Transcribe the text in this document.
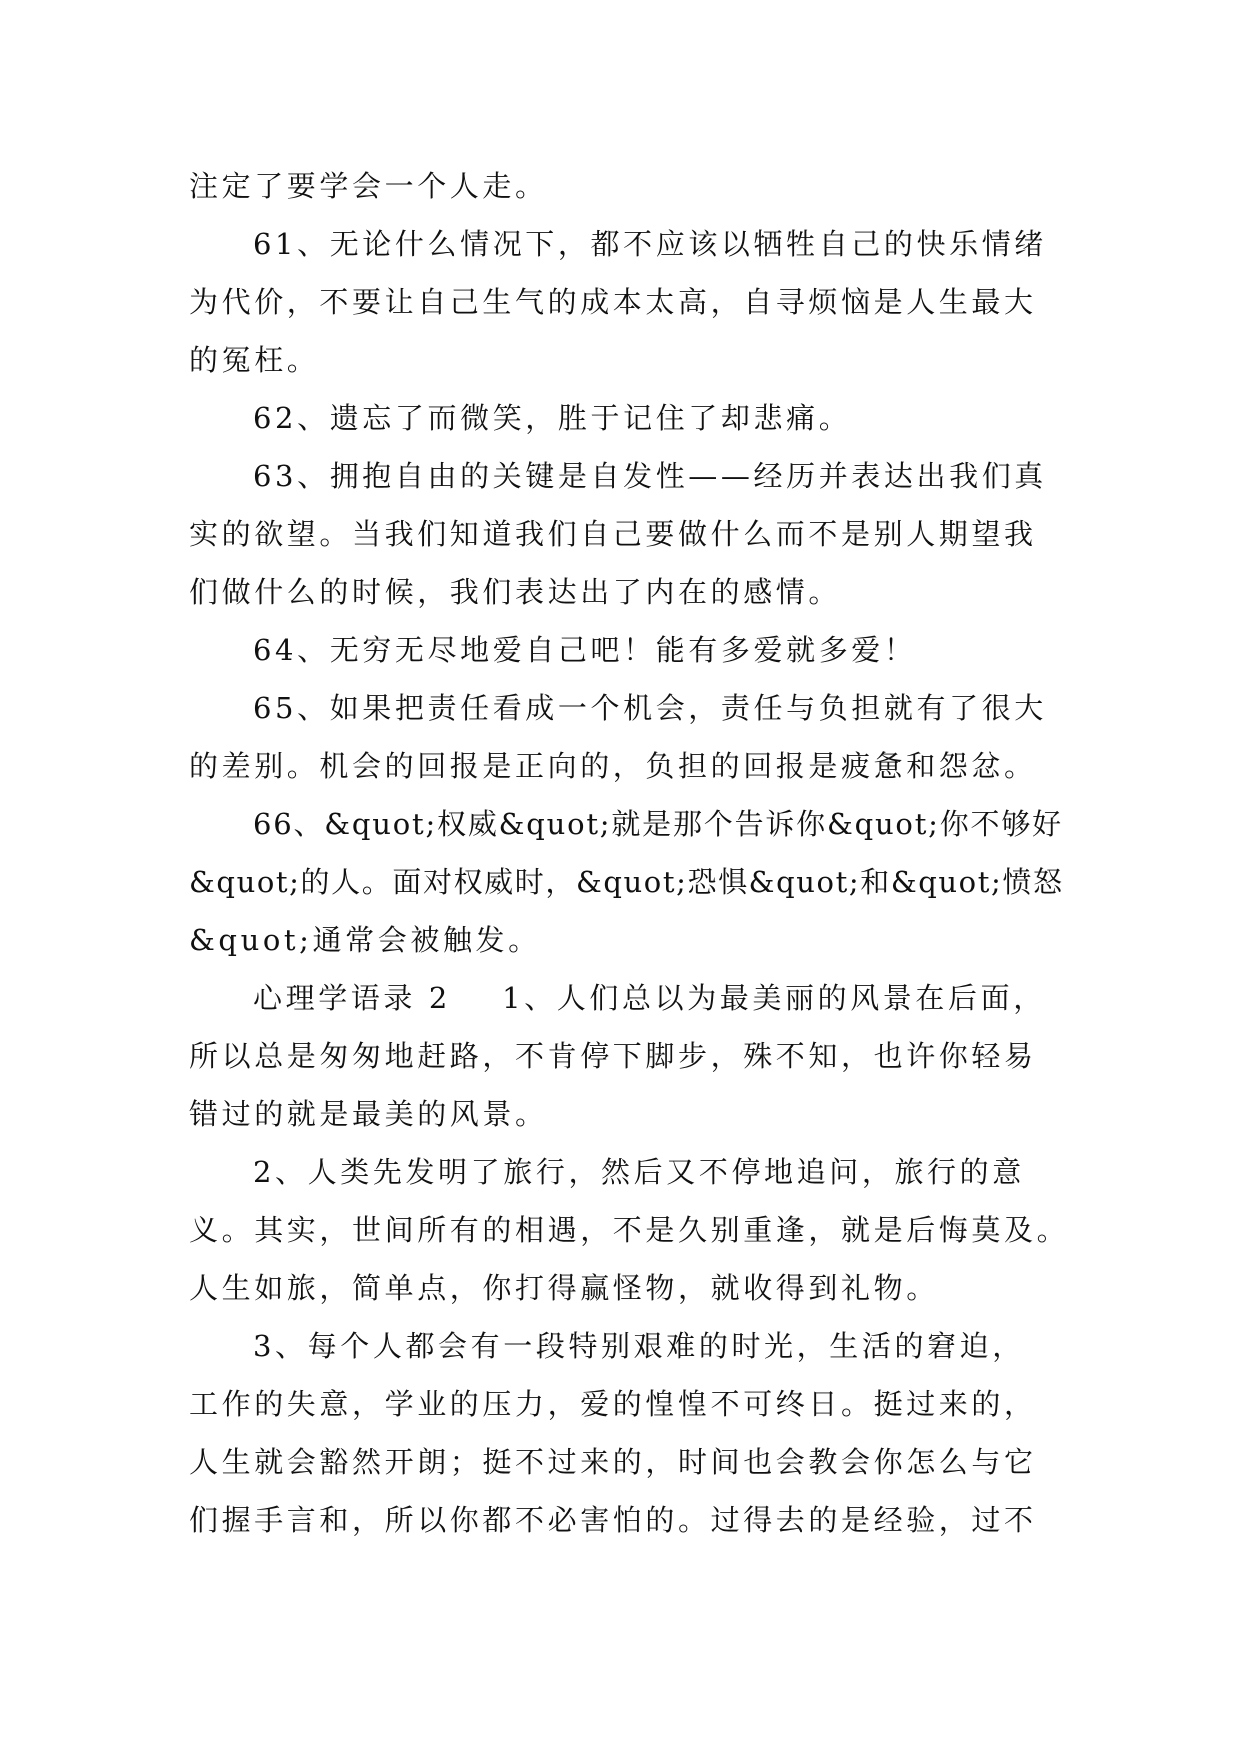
注定了要学会一个人走。
61、无论什么情况下，都不应该以牺牲自己的快乐情绪
为代价，不要让自己生气的成本太高，自寻烦恼是人生最大
的冤枉。
62、遗忘了而微笑，胜于记住了却悲痛。
63、拥抱自由的关键是自发性——经历并表达出我们真
实的欲望。当我们知道我们自己要做什么而不是别人期望我
们做什么的时候，我们表达出了内在的感情。
64、无穷无尽地爱自己吧！能有多爱就多爱！
65、如果把责任看成一个机会，责任与负担就有了很大
的差别。机会的回报是正向的，负担的回报是疲惫和怨忿。
66、&quot;权威&quot;就是那个告诉你&quot;你不够好
&quot;的人。面对权威时，&quot;恐惧&quot;和&quot;愤怒
&quot;通常会被触发。
心理学语录 2    1、人们总以为最美丽的风景在后面，
所以总是匆匆地赶路，不肯停下脚步，殊不知，也许你轻易
错过的就是最美的风景。
2、人类先发明了旅行，然后又不停地追问，旅行的意
义。其实，世间所有的相遇，不是久别重逢，就是后悔莫及。
人生如旅，简单点，你打得赢怪物，就收得到礼物。
3、每个人都会有一段特别艰难的时光，生活的窘迫，
工作的失意，学业的压力，爱的惶惶不可终日。挺过来的，
人生就会豁然开朗；挺不过来的，时间也会教会你怎么与它
们握手言和，所以你都不必害怕的。过得去的是经验，过不
